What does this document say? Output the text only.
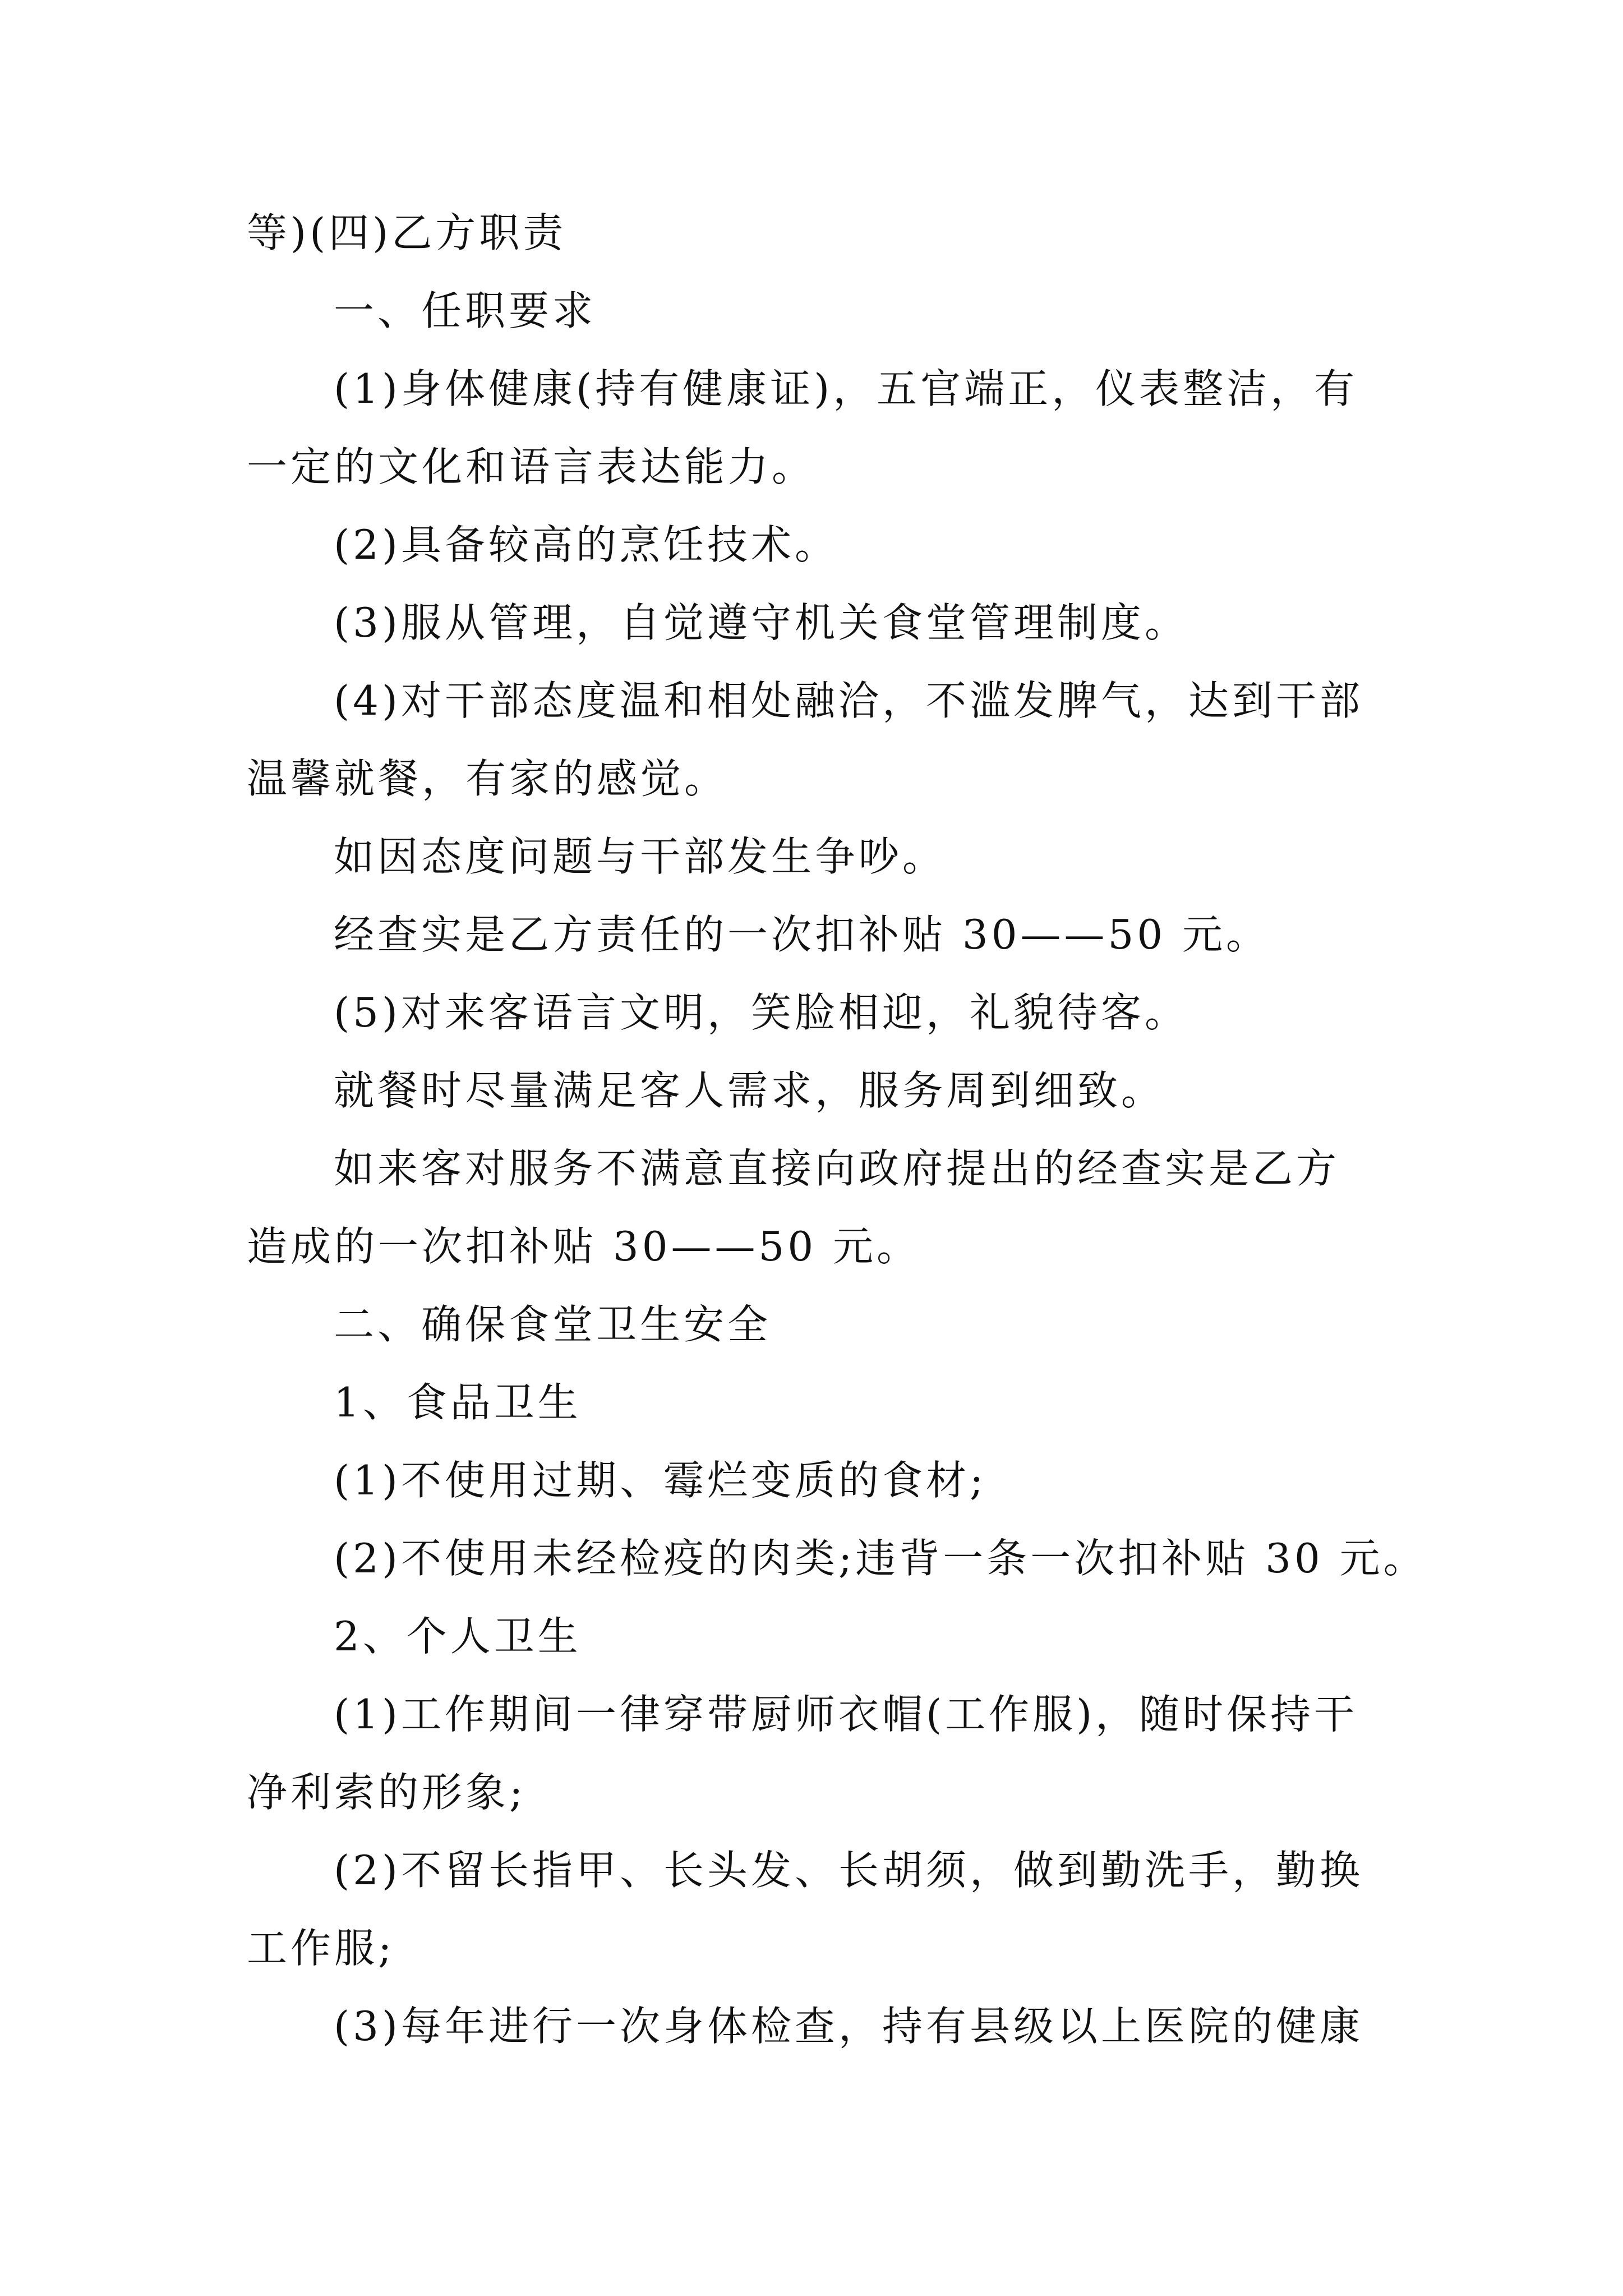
等)(四)乙方职责
一、任职要求
(1)身体健康(持有健康证)，五官端正，仪表整洁，有
一定的文化和语言表达能力。
(2)具备较高的烹饪技术。
(3)服从管理，自觉遵守机关食堂管理制度。
(4)对干部态度温和相处融洽，不滥发脾气，达到干部
温馨就餐，有家的感觉。
如因态度问题与干部发生争吵。
经查实是乙方责任的一次扣补贴 30——50 元。
(5)对来客语言文明，笑脸相迎，礼貌待客。
就餐时尽量满足客人需求，服务周到细致。
如来客对服务不满意直接向政府提出的经查实是乙方
造成的一次扣补贴 30——50 元。
二、确保食堂卫生安全
1、食品卫生
(1)不使用过期、霉烂变质的食材;
(2)不使用未经检疫的肉类;违背一条一次扣补贴 30 元。
2、个人卫生
(1)工作期间一律穿带厨师衣帽(工作服)，随时保持干
净利索的形象;
(2)不留长指甲、长头发、长胡须，做到勤洗手，勤换
工作服;
(3)每年进行一次身体检查，持有县级以上医院的健康
